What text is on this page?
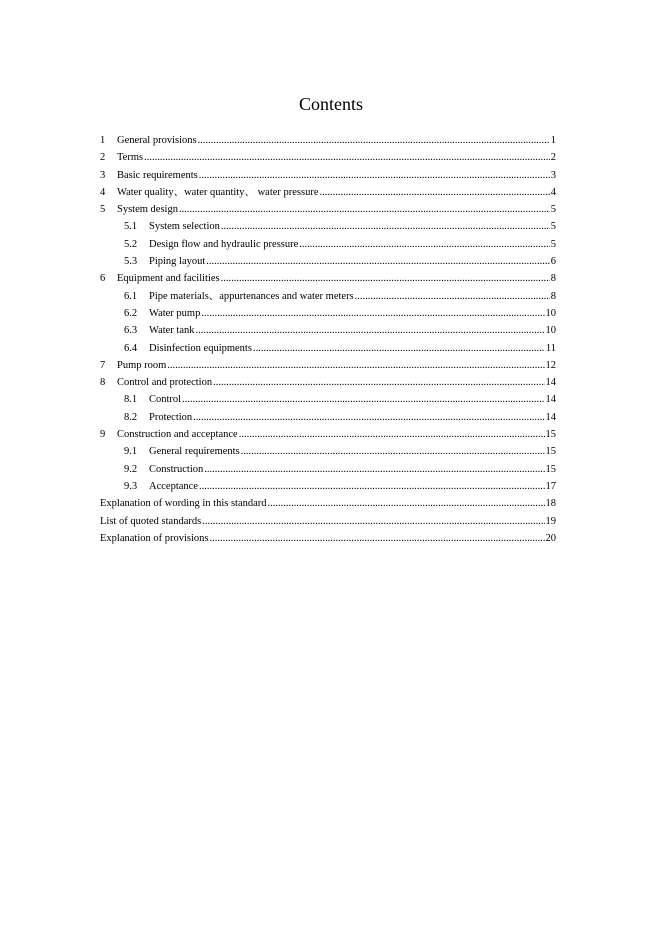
Contents
1	General provisions .....	1
2	Terms .....	2
3	Basic requirements .....	3
4	Water quality、water quantity、 water pressure .....	4
5	System design .....	5
5.1	System selection .....	5
5.2	Design flow and hydraulic pressure .....	5
5.3	Piping layout .....	6
6	Equipment and facilities .....	8
6.1	Pipe materials、appurtenances and water meters .....	8
6.2	Water pump .....	10
6.3	Water tank .....	10
6.4	Disinfection equipments .....	11
7	Pump room .....	12
8	Control and protection .....	14
8.1	Control .....	14
8.2	Protection .....	14
9	Construction and acceptance .....	15
9.1	General requirements .....	15
9.2	Construction .....	15
9.3	Acceptance .....	17
Explanation of wording in this standard .....	18
List of quoted standards .....	19
Explanation of provisions .....	20
